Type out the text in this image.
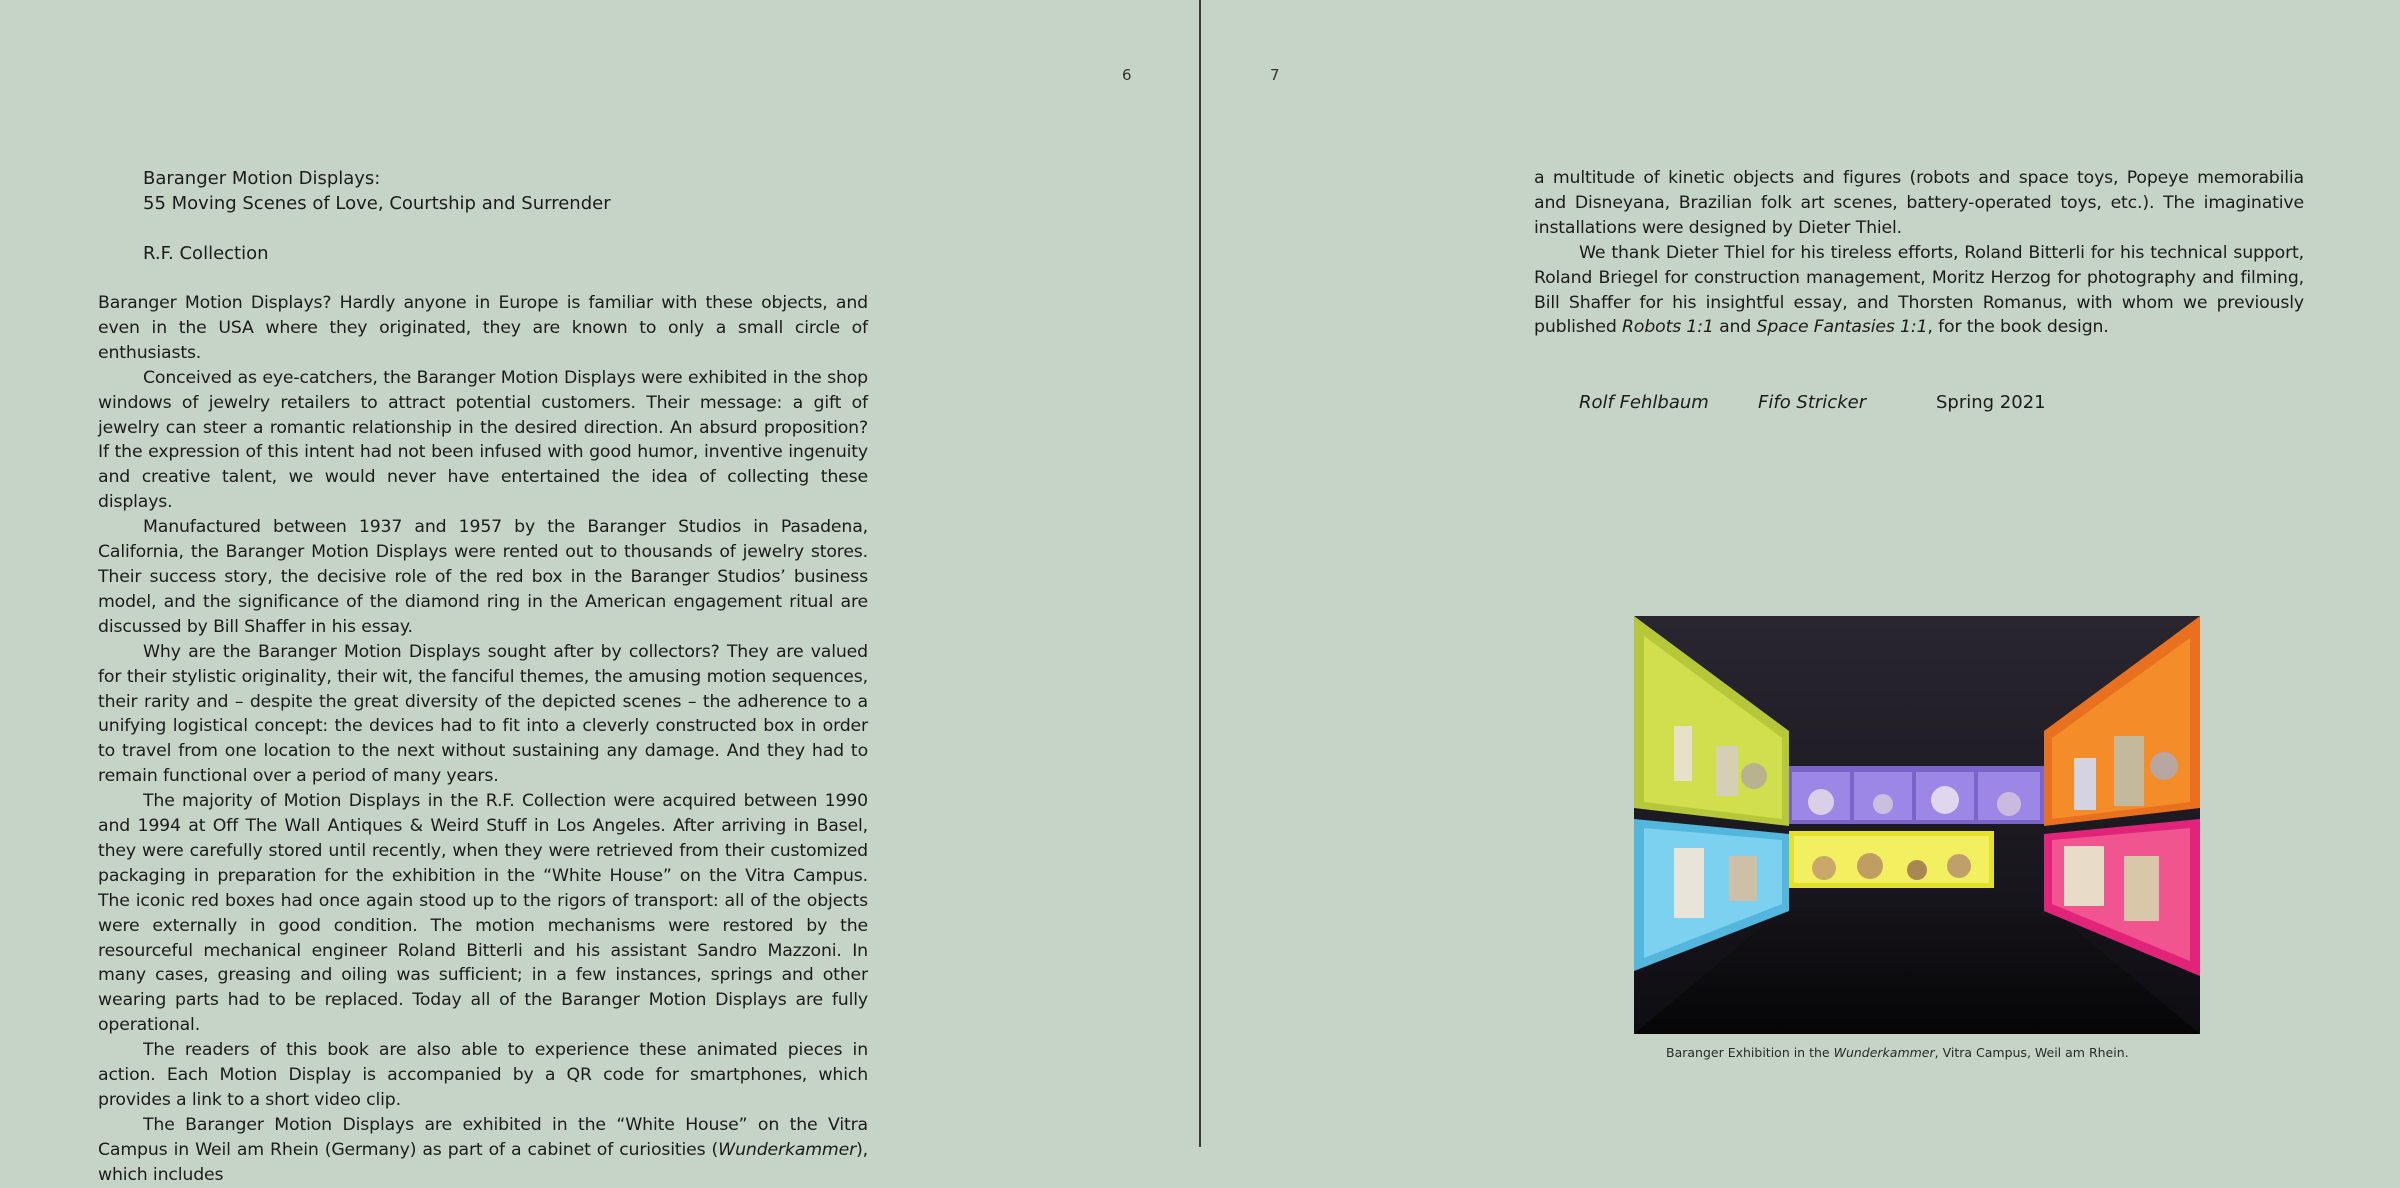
6	7
Baranger Motion Displays:
55 Moving Scenes of Love, Courtship and Surrender
R.F. Collection

Baranger Motion Displays? Hardly anyone in Europe is familiar with these objects, and even in the USA where they originated, they are known to only a small circle of enthusiasts.

Conceived as eye-catchers, the Baranger Motion Displays were exhibited in the shop windows of jewelry retailers to attract potential customers. Their message: a gift of jewelry can steer a romantic relationship in the desired direction. An absurd proposition? If the expression of this intent had not been infused with good humor, inventive ingenuity and creative talent, we would never have entertained the idea of collecting these displays.

Manufactured between 1937 and 1957 by the Baranger Studios in Pasadena, California, the Baranger Motion Displays were rented out to thousands of jewelry stores. Their success story, the decisive role of the red box in the Baranger Studios’ business model, and the significance of the diamond ring in the American engagement ritual are discussed by Bill Shaffer in his essay.

Why are the Baranger Motion Displays sought after by collectors? They are valued for their stylistic originality, their wit, the fanciful themes, the amusing motion sequences, their rarity and – despite the great diversity of the depicted scenes – the adherence to a unifying logistical concept: the devices had to fit into a cleverly constructed box in order to travel from one location to the next without sustaining any damage. And they had to remain functional over a period of many years.

The majority of Motion Displays in the R.F. Collection were acquired between 1990 and 1994 at Off The Wall Antiques & Weird Stuff in Los Angeles. After arriving in Basel, they were carefully stored until recently, when they were retrieved from their customized packaging in preparation for the exhibition in the “White House” on the Vitra Campus. The iconic red boxes had once again stood up to the rigors of transport: all of the objects were externally in good condition. The motion mechanisms were restored by the resourceful mechanical engineer Roland Bitterli and his assistant Sandro Mazzoni. In many cases, greasing and oiling was sufficient; in a few instances, springs and other wearing parts had to be replaced. Today all of the Baranger Motion Displays are fully operational.

The readers of this book are also able to experience these animated pieces in action. Each Motion Display is accompanied by a QR code for smartphones, which provides a link to a short video clip.

The Baranger Motion Displays are exhibited in the “White House” on the Vitra Campus in Weil am Rhein (Germany) as part of a cabinet of curiosities (Wunderkammer), which includes

a multitude of kinetic objects and figures (robots and space toys, Popeye memorabilia and Disneyana, Brazilian folk art scenes, battery-operated toys, etc.). The imaginative installations were designed by Dieter Thiel.

We thank Dieter Thiel for his tireless efforts, Roland Bitterli for his technical support, Roland Briegel for construction management, Moritz Herzog for photography and filming, Bill Shaffer for his insightful essay, and Thorsten Romanus, with whom we previously published Robots 1:1 and Space Fantasies 1:1, for the book design.

Rolf Fehlbaum	Fifo Stricker	Spring 2021
Baranger Exhibition in the Wunderkammer, Vitra Campus, Weil am Rhein.
